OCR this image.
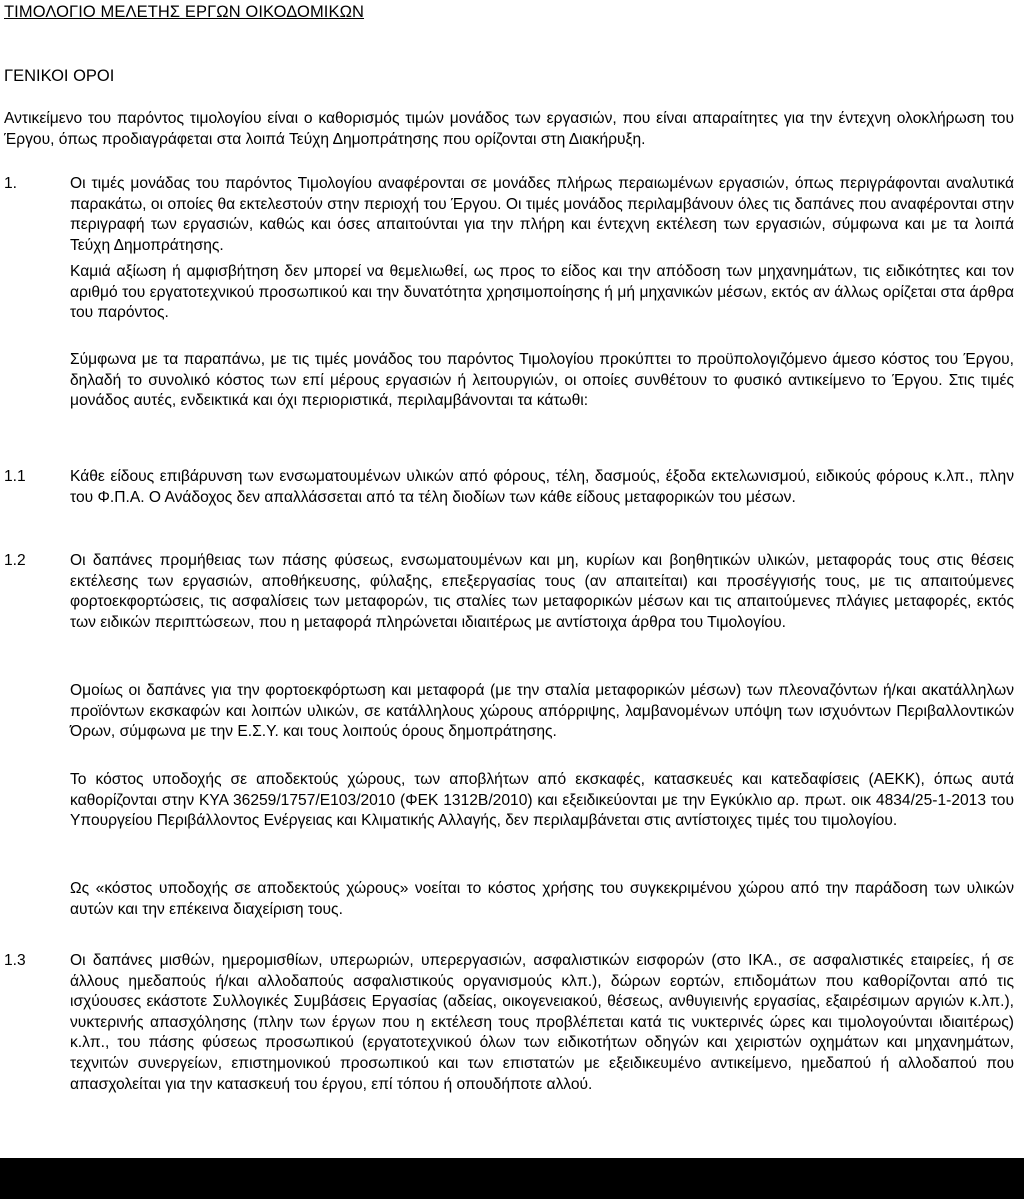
ΤΙΜΟΛΟΓΙΟ ΜΕΛΕΤΗΣ ΕΡΓΩΝ ΟΙΚΟΔΟΜΙΚΩΝ
ΓΕΝΙΚΟΙ ΟΡΟΙ

Αντικείμενο του παρόντος τιμολογίου είναι ο καθορισμός τιμών μονάδος των εργασιών, που είναι απαραίτητες για την έντεχνη ολοκλήρωση του Έργου, όπως προδιαγράφεται στα λοιπά Τεύχη Δημοπράτησης που ορίζονται στη Διακήρυξη.

1.	Οι τιμές μονάδας του παρόντος Τιμολογίου αναφέρονται σε μονάδες πλήρως περαιωμένων εργασιών, όπως περιγράφονται αναλυτικά παρακάτω, οι οποίες θα εκτελεστούν στην περιοχή του Έργου. Οι τιμές μονάδος περιλαμβάνουν όλες τις δαπάνες που αναφέρονται στην περιγραφή των εργασιών, καθώς και όσες απαιτούνται για την πλήρη και έντεχνη εκτέλεση των εργασιών, σύμφωνα και με τα λοιπά Τεύχη Δημοπράτησης.

Καμιά αξίωση ή αμφισβήτηση δεν μπορεί να θεμελιωθεί, ως προς το είδος και την απόδοση των μηχανημάτων, τις ειδικότητες και τον αριθμό του εργατοτεχνικού προσωπικού και την δυνατότητα χρησιμοποίησης ή μή μηχανικών μέσων, εκτός αν άλλως ορίζεται στα άρθρα του παρόντος.

Σύμφωνα με τα παραπάνω, με τις τιμές μονάδος του παρόντος Τιμολογίου προκύπτει το προϋπολογιζόμενο άμεσο κόστος του Έργου, δηλαδή το συνολικό κόστος των επί μέρους εργασιών ή λειτουργιών, οι οποίες συνθέτουν το φυσικό αντικείμενο το Έργου. Στις τιμές μονάδος αυτές, ενδεικτικά και όχι περιοριστικά, περιλαμβάνονται τα κάτωθι:

1.1	Κάθε είδους επιβάρυνση των ενσωματουμένων υλικών από φόρους, τέλη, δασμούς, έξοδα εκτελωνισμού, ειδικούς φόρους κ.λπ., πλην του Φ.Π.Α. Ο Ανάδοχος δεν απαλλάσσεται από τα τέλη διοδίων των κάθε είδους μεταφορικών του μέσων.

1.2	Οι δαπάνες προμήθειας των πάσης φύσεως, ενσωματουμένων και μη, κυρίων και βοηθητικών υλικών, μεταφοράς τους στις θέσεις εκτέλεσης των εργασιών, αποθήκευσης, φύλαξης, επεξεργασίας τους (αν απαιτείται) και προσέγγισής τους, με τις απαιτούμενες φορτοεκφορτώσεις, τις ασφαλίσεις των μεταφορών, τις σταλίες των μεταφορικών μέσων και τις απαιτούμενες πλάγιες μεταφορές, εκτός των ειδικών περιπτώσεων, που η μεταφορά πληρώνεται ιδιαιτέρως με αντίστοιχα άρθρα του Τιμολογίου.

Ομοίως οι δαπάνες για την φορτοεκφόρτωση και μεταφορά (με την σταλία μεταφορικών μέσων) των πλεοναζόντων ή/και ακατάλληλων προϊόντων εκσκαφών και λοιπών υλικών, σε κατάλληλους χώρους απόρριψης, λαμβανομένων υπόψη των ισχυόντων Περιβαλλοντικών Όρων, σύμφωνα με την Ε.Σ.Υ. και τους λοιπούς όρους δημοπράτησης.

Το κόστος υποδοχής σε αποδεκτούς χώρους, των αποβλήτων από εκσκαφές, κατασκευές και κατεδαφίσεις (ΑΕΚΚ), όπως αυτά καθορίζονται στην ΚΥΑ 36259/1757/Ε103/2010 (ΦΕΚ 1312Β/2010) και εξειδικεύονται με την Εγκύκλιο αρ. πρωτ. οικ 4834/25-1-2013 του Υπουργείου Περιβάλλοντος Ενέργειας και Κλιματικής Αλλαγής, δεν περιλαμβάνεται στις αντίστοιχες τιμές του τιμολογίου.

Ως «κόστος υποδοχής σε αποδεκτούς χώρους» νοείται το κόστος χρήσης του συγκεκριμένου χώρου από την παράδοση των υλικών αυτών και την επέκεινα διαχείριση τους.

1.3	Οι δαπάνες μισθών, ημερομισθίων, υπερωριών, υπερεργασιών, ασφαλιστικών εισφορών (στο ΙΚΑ., σε ασφαλιστικές εταιρείες, ή σε άλλους ημεδαπούς ή/και αλλοδαπούς ασφαλιστικούς οργανισμούς κλπ.), δώρων εορτών, επιδομάτων που καθορίζονται από τις ισχύουσες εκάστοτε Συλλογικές Συμβάσεις Εργασίας (αδείας, οικογενειακού, θέσεως, ανθυγιεινής εργασίας, εξαιρέσιμων αργιών κ.λπ.), νυκτερινής απασχόλησης (πλην των έργων που η εκτέλεση τους προβλέπεται κατά τις νυκτερινές ώρες και τιμολογούνται ιδιαιτέρως) κ.λπ., του πάσης φύσεως προσωπικού (εργατοτεχνικού όλων των ειδικοτήτων οδηγών και χειριστών οχημάτων και μηχανημάτων, τεχνιτών συνεργείων, επιστημονικού προσωπικού και των επιστατών με εξειδικευμένο αντικείμενο, ημεδαπού ή αλλοδαπού που απασχολείται για την κατασκευή του έργου, επί τόπου ή οπουδήποτε αλλού.
